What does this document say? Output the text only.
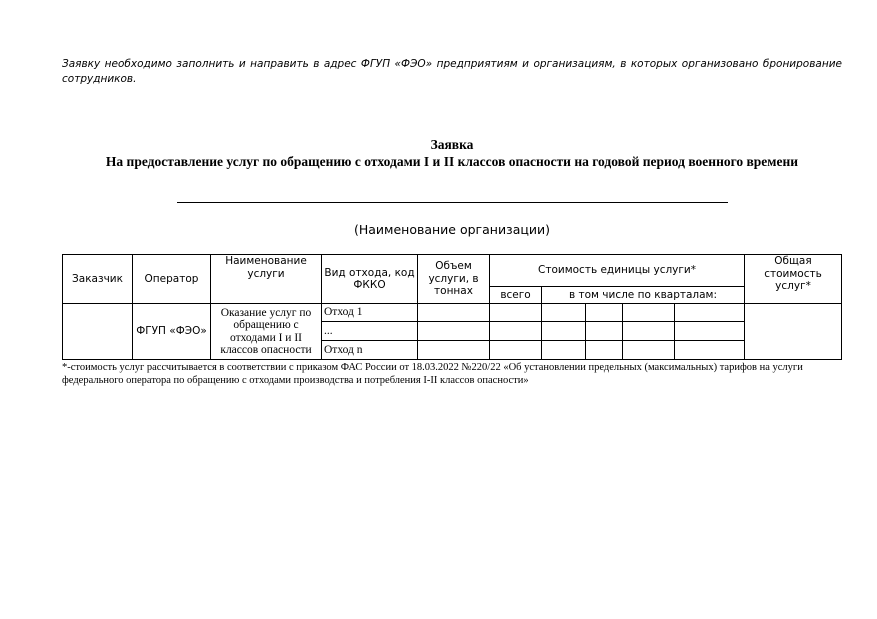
Заявку необходимо заполнить и направить в адрес ФГУП «ФЭО» предприятиям и организациям, в которых организовано бронирование сотрудников.
Заявка
На предоставление услуг по обращению с отходами I и II классов опасности на годовой период военного времени
(Наименование организации)
Заказчик	Оператор	Наименование услуги	Вид отхода, код ФККО	Объем услуги, в тоннах	Стоимость единицы услуги*					Общая стоимость услуг*
					всего	в том числе по кварталам:				
	ФГУП «ФЭО»	Оказание услуг по обращению с отходами I и II классов опасности	Отход 1							
			...							
			Отход n							
*-стоимость услуг рассчитывается в соответствии с приказом ФАС России от 18.03.2022 №220/22 «Об установлении предельных (максимальных) тарифов на услуги федерального оператора по обращению с отходами производства и потребления I-II классов опасности»
